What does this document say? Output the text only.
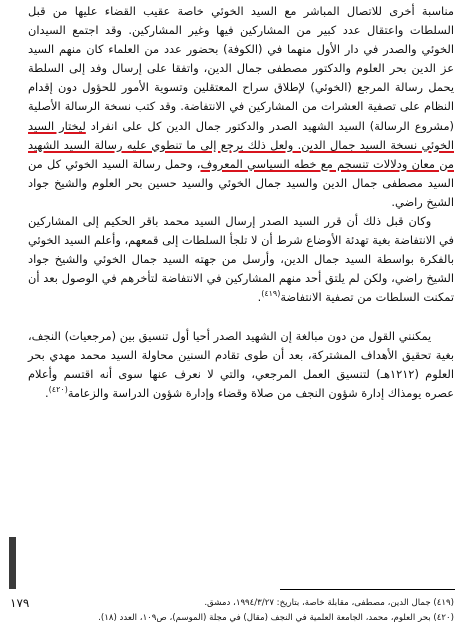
مناسبة أخرى للاتصال المباشر مع السيد الخوئي خاصة عقيب القضاء عليها من قبل السلطات واعتقال عدد كبير من المشاركين فيها وغير المشاركين. وقد اجتمع السيدان الخوئي والصدر في دار الأول منهما في (الكوفة) بحضور عدد من العلماء كان منهم السيد عز الدين بحر العلوم والدكتور مصطفى جمال الدين، واتفقا على إرسال وفد إلى السلطة يحمل رسالة المرجع (الخوئي) لإطلاق سراح المعتقلين وتسوية الأمور للحؤول دون إقدام النظام على تصفية العشرات من المشاركين في الانتفاضة. وقد كتب نسخة الرسالة الأصلية (مشروع الرسالة) السيد الشهيد الصدر والدكتور جمال الدين كل على انفراد ليختار السيد الخوئي نسخة السيد جمال الدين. ولعل ذلك يرجع إلى ما تنطوي عليه رسالة السيد الشهيد من معان ودلالات تنسجم مع خطه السياسي المعروف، وحمل رسالة السيد الخوئي كل من السيد مصطفى جمال الدين والسيد جمال الخوئي والسيد حسين بحر العلوم والشيخ جواد الشيخ راضي.

  وكان قبل ذلك أن قرر السيد الصدر إرسال السيد محمد باقر الحكيم إلى المشاركين في الانتفاضة بغية تهدئة الأوضاع شرط أن لا تلجأ السلطات إلى قمعهم، وأعلم السيد الخوئي بالفكرة بواسطة السيد جمال الدين، وأرسل من جهته السيد جمال الخوئي والشيخ جواد الشيخ راضي، ولكن لم يلتق أحد منهم المشاركين في الانتفاضة لتأخرهم في الوصول بعد أن تمكنت السلطات من تصفية الانتفاضة$^{(٤١٩)}$.

  يمكنني القول من دون مبالغة إن الشهيد الصدر أحيا أول تنسيق بين (مرجعيات) النجف، بغية تحقيق الأهداف المشتركة، بعد أن طوى تقادم السنين محاولة السيد محمد مهدي بحر العلوم (١٢١٢هـ) لتنسيق العمل المرجعي، والتي لا نعرف عنها سوى أنه اقتسم وأعلام عصره يومذاك إدارة شؤون النجف من صلاة وقضاء وإدارة شؤون الدراسة والزعامة$^{(٤٢٠)}$.

١٧٩	(٤١٩) جمال الدين، مصطفى، مقابلة خاصة، بتاريخ: ١٩٩٤/٣/٢٧، دمشق.
(٤٢٠) بحر العلوم، محمد، الجامعة العلمية في النجف (مقال) في مجلة (الموسم)، ص١٠٩، العدد (١٨).
